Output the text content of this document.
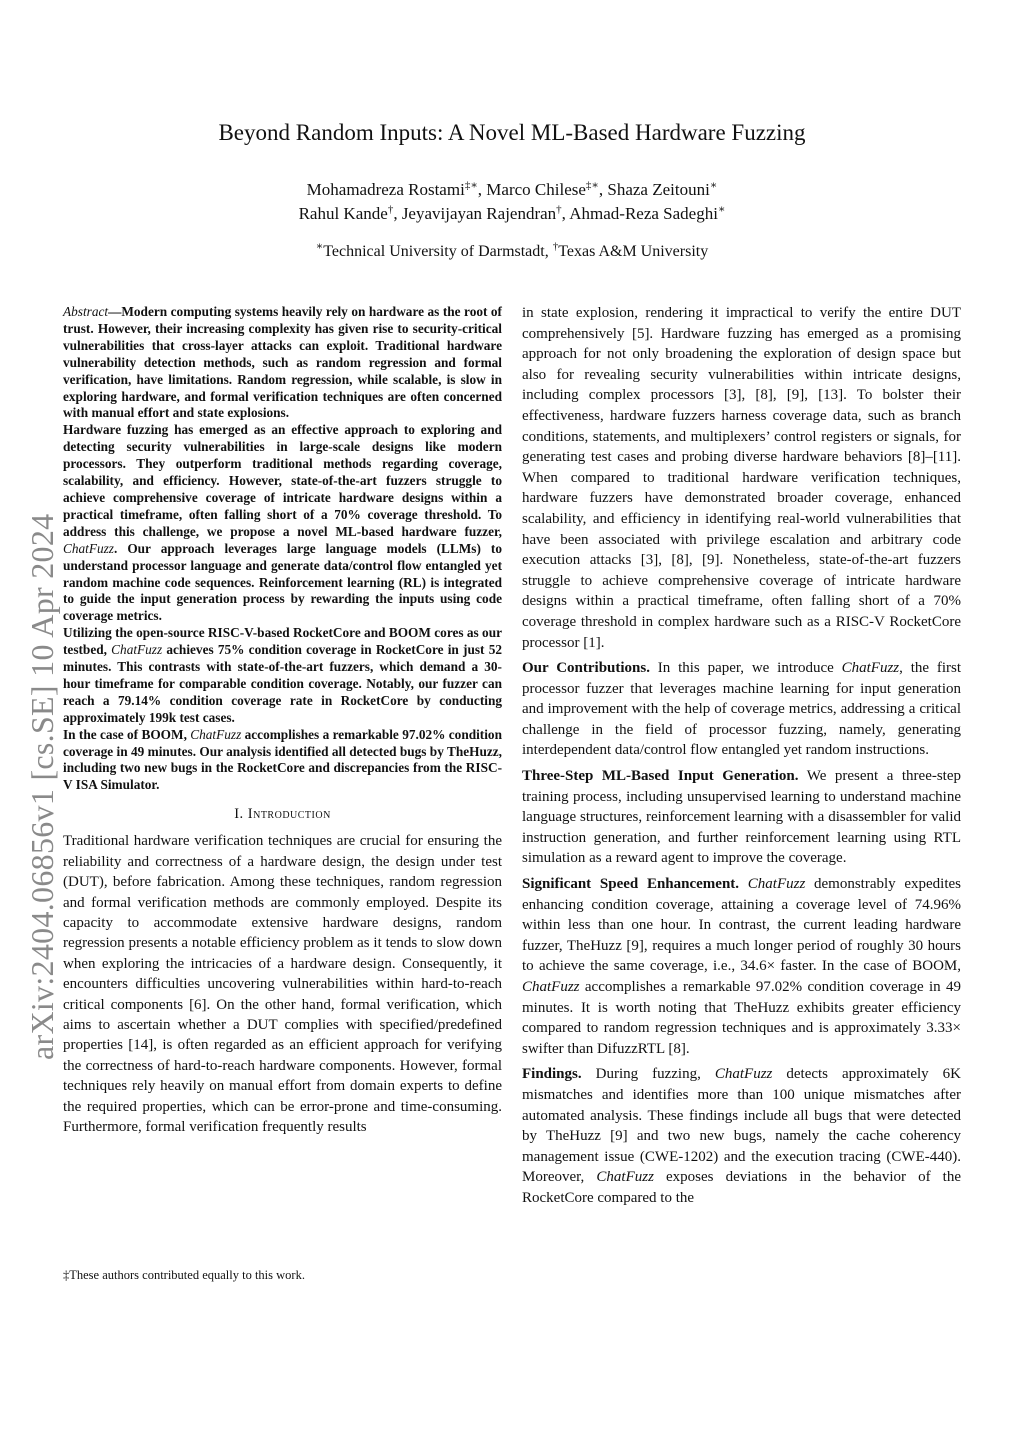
Beyond Random Inputs: A Novel ML-Based Hardware Fuzzing
Mohamadreza Rostami‡∗, Marco Chilese‡∗, Shaza Zeitouni∗
Rahul Kande†, Jeyavijayan Rajendran†, Ahmad-Reza Sadeghi∗
∗Technical University of Darmstadt, †Texas A&M University
arXiv:2404.06856v1 [cs.SE] 10 Apr 2024

Abstract—Modern computing systems heavily rely on hardware as the root of trust. However, their increasing complexity has given rise to security-critical vulnerabilities that cross-layer attacks can exploit. Traditional hardware vulnerability detection methods, such as random regression and formal verification, have limitations. Random regression, while scalable, is slow in exploring hardware, and formal verification techniques are often concerned with manual effort and state explosions.

Hardware fuzzing has emerged as an effective approach to exploring and detecting security vulnerabilities in large-scale designs like modern processors. They outperform traditional methods regarding coverage, scalability, and efficiency. However, state-of-the-art fuzzers struggle to achieve comprehensive coverage of intricate hardware designs within a practical timeframe, often falling short of a 70% coverage threshold. To address this challenge, we propose a novel ML-based hardware fuzzer, ChatFuzz. Our approach leverages large language models (LLMs) to understand processor language and generate data/control flow entangled yet random machine code sequences. Reinforcement learning (RL) is integrated to guide the input generation process by rewarding the inputs using code coverage metrics.

Utilizing the open-source RISC-V-based RocketCore and BOOM cores as our testbed, ChatFuzz achieves 75% condition coverage in RocketCore in just 52 minutes. This contrasts with state-of-the-art fuzzers, which demand a 30-hour timeframe for comparable condition coverage. Notably, our fuzzer can reach a 79.14% condition coverage rate in RocketCore by conducting approximately 199k test cases.

In the case of BOOM, ChatFuzz accomplishes a remarkable 97.02% condition coverage in 49 minutes. Our analysis identified all detected bugs by TheHuzz, including two new bugs in the RocketCore and discrepancies from the RISC-V ISA Simulator.

I. Introduction

Traditional hardware verification techniques are crucial for ensuring the reliability and correctness of a hardware design, the design under test (DUT), before fabrication. Among these techniques, random regression and formal verification methods are commonly employed. Despite its capacity to accommodate extensive hardware designs, random regression presents a notable efficiency problem as it tends to slow down when exploring the intricacies of a hardware design. Consequently, it encounters difficulties uncovering vulnerabilities within hard-to-reach critical components [6]. On the other hand, formal verification, which aims to ascertain whether a DUT complies with specified/predefined properties [14], is often regarded as an efficient approach for verifying the correctness of hard-to-reach hardware components. However, formal techniques rely heavily on manual effort from domain experts to define the required properties, which can be error-prone and time-consuming. Furthermore, formal verification frequently results

‡These authors contributed equally to this work.

in state explosion, rendering it impractical to verify the entire DUT comprehensively [5]. Hardware fuzzing has emerged as a promising approach for not only broadening the exploration of design space but also for revealing security vulnerabilities within intricate designs, including complex processors [3], [8], [9], [13]. To bolster their effectiveness, hardware fuzzers harness coverage data, such as branch conditions, statements, and multiplexers’ control registers or signals, for generating test cases and probing diverse hardware behaviors [8]–[11]. When compared to traditional hardware verification techniques, hardware fuzzers have demonstrated broader coverage, enhanced scalability, and efficiency in identifying real-world vulnerabilities that have been associated with privilege escalation and arbitrary code execution attacks [3], [8], [9]. Nonetheless, state-of-the-art fuzzers struggle to achieve comprehensive coverage of intricate hardware designs within a practical timeframe, often falling short of a 70% coverage threshold in complex hardware such as a RISC-V RocketCore processor [1].

Our Contributions. In this paper, we introduce ChatFuzz, the first processor fuzzer that leverages machine learning for input generation and improvement with the help of coverage metrics, addressing a critical challenge in the field of processor fuzzing, namely, generating interdependent data/control flow entangled yet random instructions.

Three-Step ML-Based Input Generation. We present a three-step training process, including unsupervised learning to understand machine language structures, reinforcement learning with a disassembler for valid instruction generation, and further reinforcement learning using RTL simulation as a reward agent to improve the coverage.

Significant Speed Enhancement. ChatFuzz demonstrably expedites enhancing condition coverage, attaining a coverage level of 74.96% within less than one hour. In contrast, the current leading hardware fuzzer, TheHuzz [9], requires a much longer period of roughly 30 hours to achieve the same coverage, i.e., 34.6× faster. In the case of BOOM, ChatFuzz accomplishes a remarkable 97.02% condition coverage in 49 minutes. It is worth noting that TheHuzz exhibits greater efficiency compared to random regression techniques and is approximately 3.33× swifter than DifuzzRTL [8].

Findings. During fuzzing, ChatFuzz detects approximately 6K mismatches and identifies more than 100 unique mismatches after automated analysis. These findings include all bugs that were detected by TheHuzz [9] and two new bugs, namely the cache coherency management issue (CWE-1202) and the execution tracing (CWE-440). Moreover, ChatFuzz exposes deviations in the behavior of the RocketCore compared to the
